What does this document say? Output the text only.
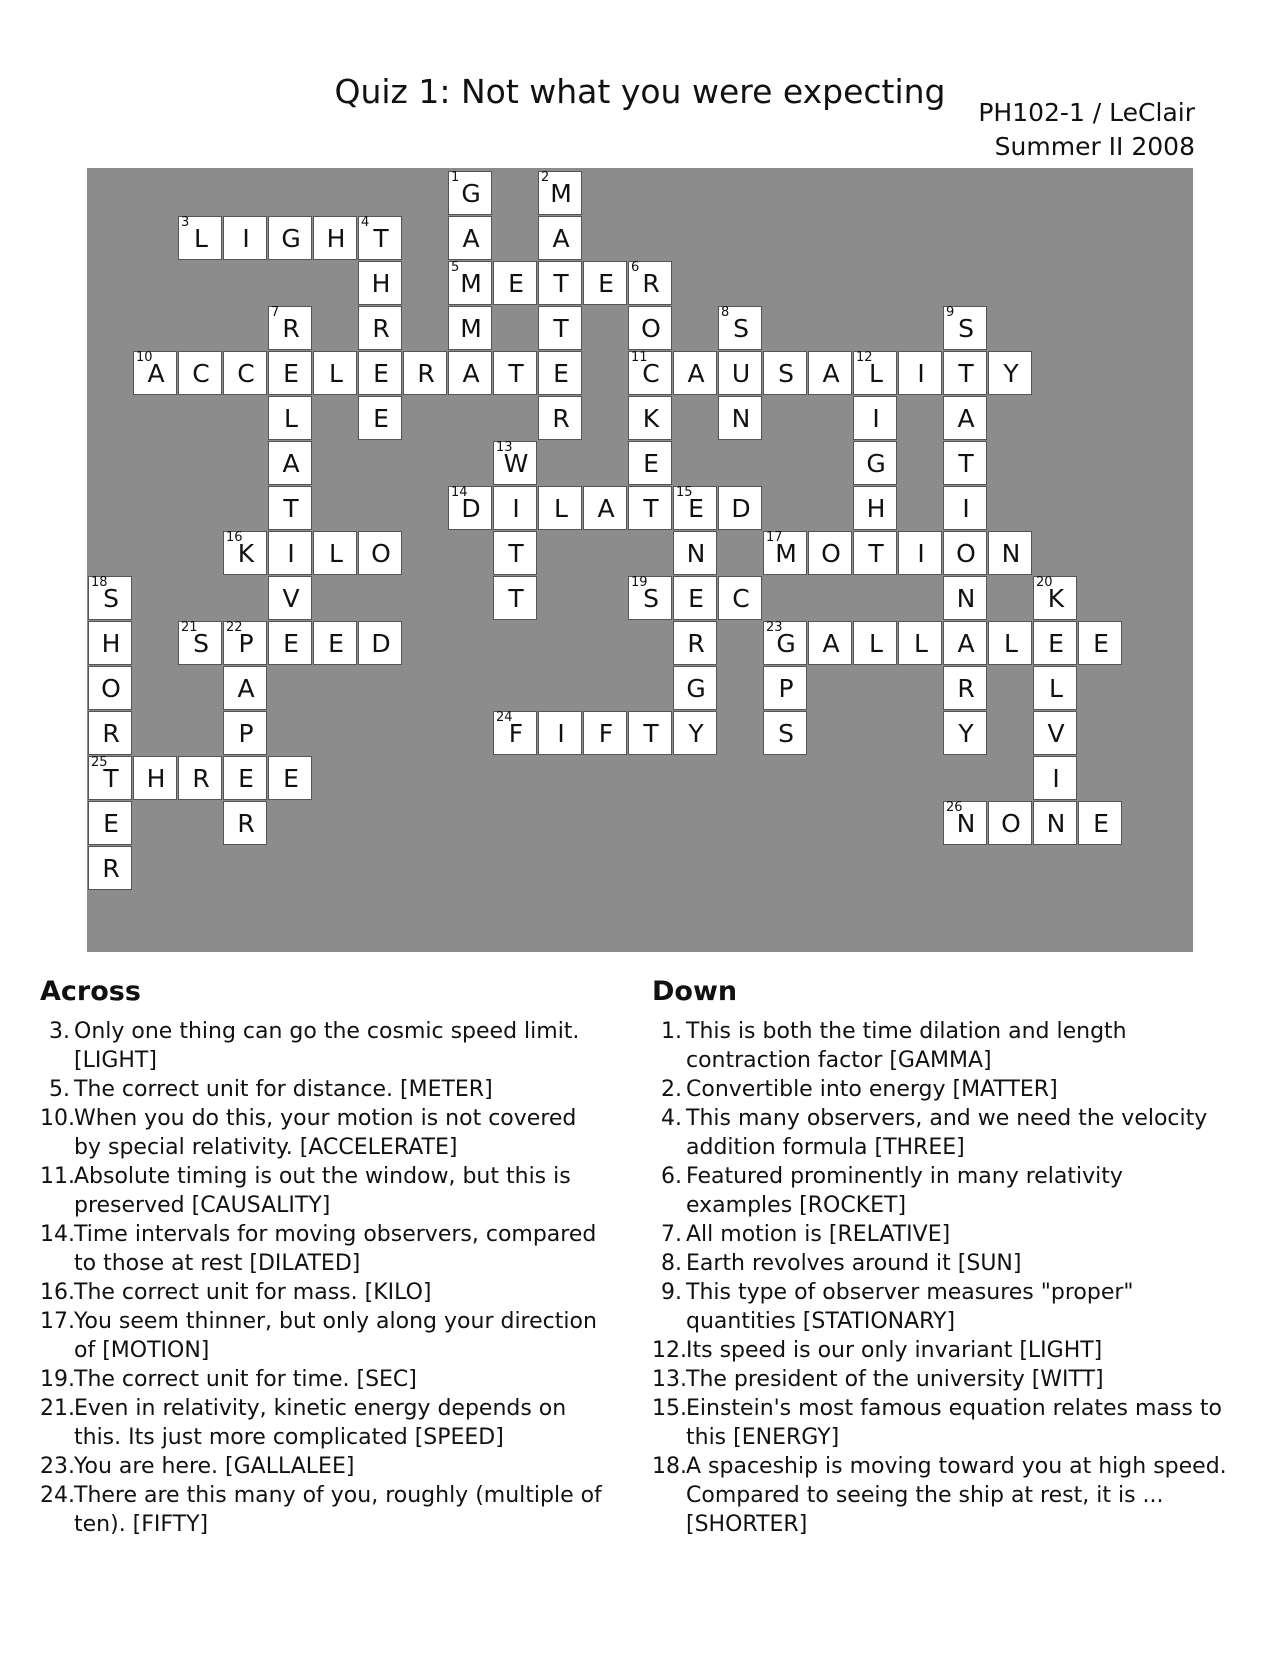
Quiz 1: Not what you were expecting
PH102-1 / LeClair
Summer II 2008
1
G
2
M
3
L	I	G	H
4
T	A	A
H
5
M	E	T	E
6
R
7
R	R	M	T	O
8
S
9
S
10
A	C	C	E	L	E	R	A	T	E
11
C	A	U	S	A
12
L	I	T	Y
L	E	R	K	N	I	A
A
13
W	E	G	T
T
14
D	I	L	A	T
15
E	D	H	I
16
K	I	L	O	T	N
17
M O	T	I	O	N
18
S	V	T
19
S	E	C	N
20
K
H
21
S
22
P	E	E	D	R
23
G	A	L	L	A	L	E	E
O	A	G	P	R	L
R	P
24
F	I	F	T	Y	S	Y	V
25
T	H	R	E	E	I
E	R
26
N	O	N	E
R
Across
3. Only one thing can go the cosmic speed limit. [LIGHT]
5. The correct unit for distance. [METER]
10. When you do this, your motion is not covered by special relativity. [ACCELERATE]
11. Absolute timing is out the window, but this is preserved [CAUSALITY]
14. Time intervals for moving observers, compared to those at rest [DILATED]
16. The correct unit for mass. [KILO]
17. You seem thinner, but only along your direction of [MOTION]
19. The correct unit for time. [SEC]
21. Even in relativity, kinetic energy depends on this. Its just more complicated [SPEED]
23. You are here. [GALLALEE]
24. There are this many of you, roughly (multiple of ten). [FIFTY]
Down
1. This is both the time dilation and length contraction factor [GAMMA]
2. Convertible into energy [MATTER]
4. This many observers, and we need the velocity addition formula [THREE]
6. Featured prominently in many relativity examples [ROCKET]
7. All motion is [RELATIVE]
8. Earth revolves around it [SUN]
9. This type of observer measures "proper" quantities [STATIONARY]
12. Its speed is our only invariant [LIGHT]
13. The president of the university [WITT]
15. Einstein's most famous equation relates mass to this [ENERGY]
18. A spaceship is moving toward you at high speed. Compared to seeing the ship at rest, it is ... [SHORTER]
